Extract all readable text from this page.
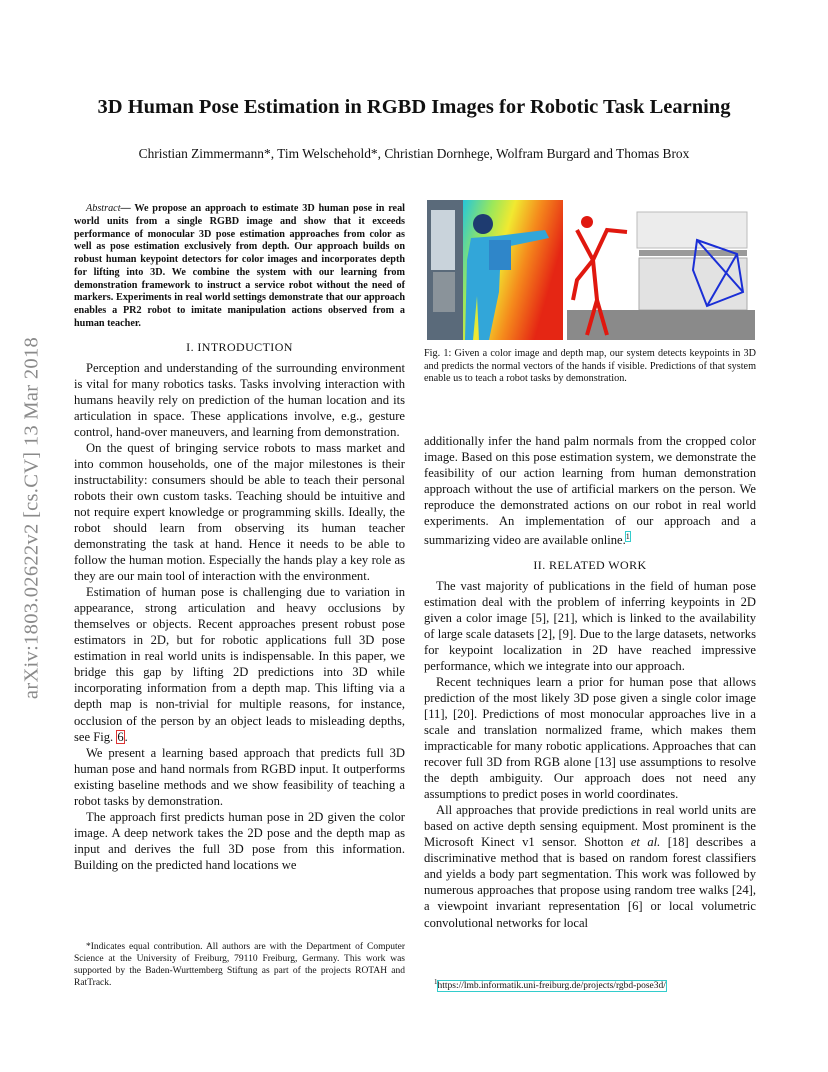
arXiv:1803.02622v2 [cs.CV] 13 Mar 2018
3D Human Pose Estimation in RGBD Images for Robotic Task Learning
Christian Zimmermann*, Tim Welschehold*, Christian Dornhege, Wolfram Burgard and Thomas Brox

Abstract— We propose an approach to estimate 3D human pose in real world units from a single RGBD image and show that it exceeds performance of monocular 3D pose estimation approaches from color as well as pose estimation exclusively from depth. Our approach builds on robust human keypoint detectors for color images and incorporates depth for lifting into 3D. We combine the system with our learning from demonstration framework to instruct a service robot without the need of markers. Experiments in real world settings demonstrate that our approach enables a PR2 robot to imitate manipulation actions observed from a human teacher.

I. INTRODUCTION

Perception and understanding of the surrounding environment is vital for many robotics tasks. Tasks involving interaction with humans heavily rely on prediction of the human location and its articulation in space. These applications involve, e.g., gesture control, hand-over maneuvers, and learning from demonstration.

On the quest of bringing service robots to mass market and into common households, one of the major milestones is their instructability: consumers should be able to teach their personal robots their own custom tasks. Teaching should be intuitive and not require expert knowledge or programming skills. Ideally, the robot should learn from observing its human teacher demonstrating the task at hand. Hence it needs to be able to follow the human motion. Especially the hands play a key role as they are our main tool of interaction with the environment.

Estimation of human pose is challenging due to variation in appearance, strong articulation and heavy occlusions by themselves or objects. Recent approaches present robust pose estimators in 2D, but for robotic applications full 3D pose estimation in real world units is indispensable. In this paper, we bridge this gap by lifting 2D predictions into 3D while incorporating information from a depth map. This lifting via a depth map is non-trivial for multiple reasons, for instance, occlusion of the person by an object leads to misleading depths, see Fig. 6.

We present a learning based approach that predicts full 3D human pose and hand normals from RGBD input. It outperforms existing baseline methods and we show feasibility of teaching a robot tasks by demonstration.

The approach first predicts human pose in 2D given the color image. A deep network takes the 2D pose and the depth map as input and derives the full 3D pose from this information. Building on the predicted hand locations we

*Indicates equal contribution. All authors are with the Department of Computer Science at the University of Freiburg, 79110 Freiburg, Germany. This work was supported by the Baden-Wurttemberg Stiftung as part of the projects ROTAH and RatTrack.

Fig. 1: Given a color image and depth map, our system detects keypoints in 3D and predicts the normal vectors of the hands if visible. Predictions of that system enable us to teach a robot tasks by demonstration.

additionally infer the hand palm normals from the cropped color image. Based on this pose estimation system, we demonstrate the feasibility of our action learning from human demonstration approach without the use of artificial markers on the person. We reproduce the demonstrated actions on our robot in real world experiments. An implementation of our approach and a summarizing video are available online.$^1$

II. RELATED WORK

The vast majority of publications in the field of human pose estimation deal with the problem of inferring keypoints in 2D given a color image [5], [21], which is linked to the availability of large scale datasets [2], [9]. Due to the large datasets, networks for keypoint localization in 2D have reached impressive performance, which we integrate into our approach.

Recent techniques learn a prior for human pose that allows prediction of the most likely 3D pose given a single color image [11], [20]. Predictions of most monocular approaches live in a scale and translation normalized frame, which makes them impracticable for many robotic applications. Approaches that can recover full 3D from RGB alone [13] use assumptions to resolve the depth ambiguity. Our approach does not need any assumptions to predict poses in world coordinates.

All approaches that provide predictions in real world units are based on active depth sensing equipment. Most prominent is the Microsoft Kinect v1 sensor. Shotton et al. [18] describes a discriminative method that is based on random forest classifiers and yields a body part segmentation. This work was followed by numerous approaches that propose using random tree walks [24], a viewpoint invariant representation [6] or local volumetric convolutional networks for local

$^1$https://lmb.informatik.uni-freiburg.de/projects/rgbd-pose3d/
